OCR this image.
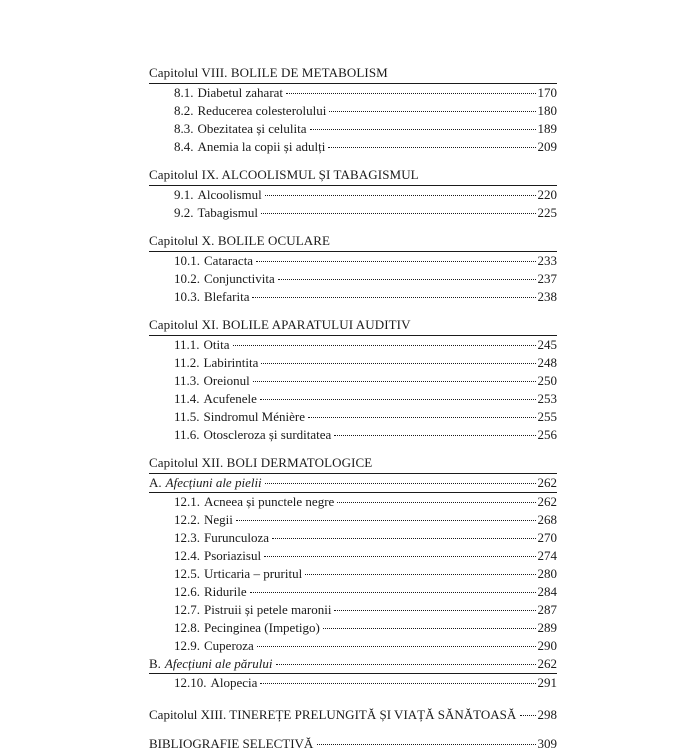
Capitolul VIII. BOLILE DE METABOLISM
8.1. Diabetul zaharat	170
8.2. Reducerea colesterolului	180
8.3. Obezitatea și celulita	189
8.4. Anemia la copii și adulți	209
Capitolul IX. ALCOOLISMUL ȘI TABAGISMUL
9.1. Alcoolismul	220
9.2. Tabagismul	225
Capitolul X. BOLILE OCULARE
10.1. Cataracta	233
10.2. Conjunctivita	237
10.3. Blefarita	238
Capitolul XI. BOLILE APARATULUI AUDITIV
11.1. Otita	245
11.2. Labirintita	248
11.3. Oreionul	250
11.4. Acufenele	253
11.5. Sindromul Ménière	255
11.6. Otoscleroza și surditatea	256
Capitolul XII. BOLI DERMATOLOGICE
A. Afecțiuni ale pielii	262
12.1. Acneea și punctele negre	262
12.2. Negii	268
12.3. Furunculoza	270
12.4. Psoriazisul	274
12.5. Urticaria – pruritul	280
12.6. Ridurile	284
12.7. Pistruii și petele maronii	287
12.8. Pecinginea (Impetigo)	289
12.9. Cuperoza	290
B. Afecțiuni ale părului	262
12.10. Alopecia	291
Capitolul XIII. TINEREȚE PRELUNGITĂ ȘI VIAȚĂ SĂNĂTOASĂ 298
BIBLIOGRAFIE SELECTIVĂ	309
